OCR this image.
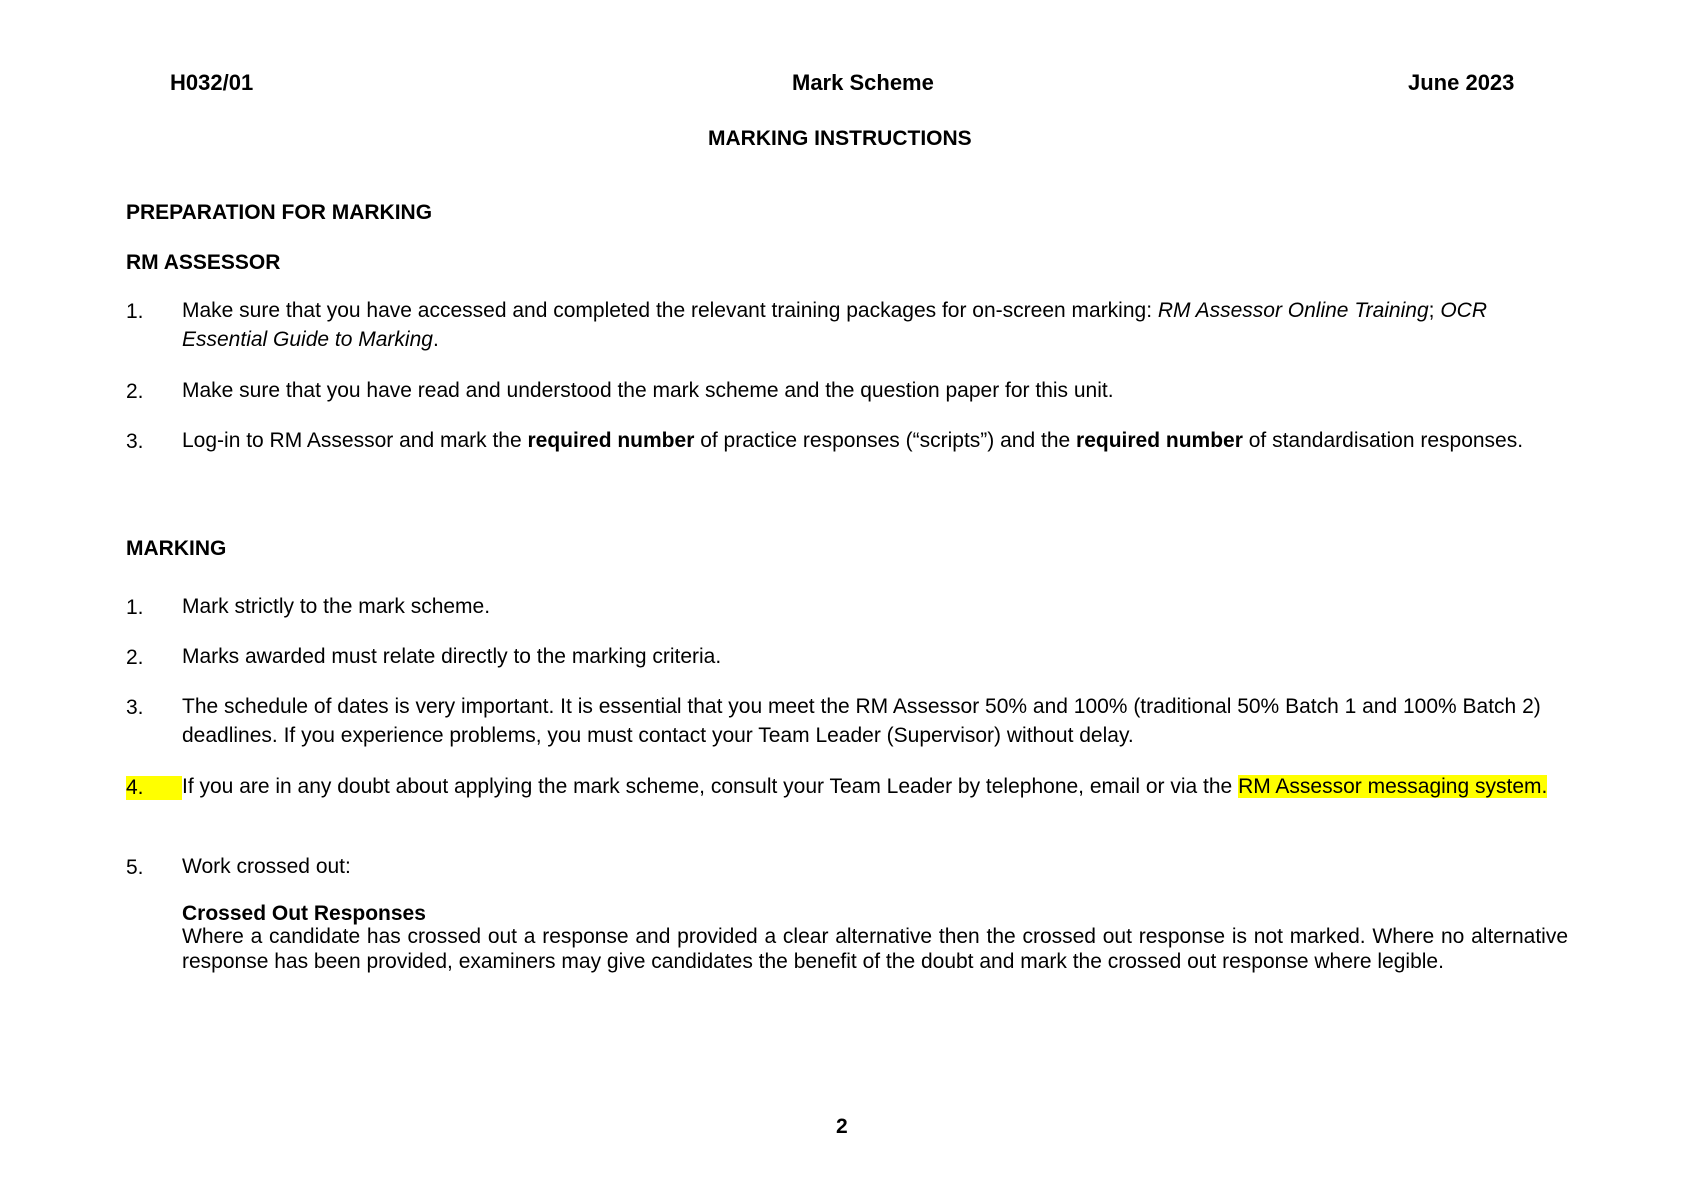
H032/01	Mark Scheme	June 2023
MARKING INSTRUCTIONS
PREPARATION FOR MARKING
RM ASSESSOR
1. Make sure that you have accessed and completed the relevant training packages for on-screen marking: RM Assessor Online Training; OCR Essential Guide to Marking.
2. Make sure that you have read and understood the mark scheme and the question paper for this unit.
3. Log-in to RM Assessor and mark the required number of practice responses (“scripts”) and the required number of standardisation responses.
MARKING
1. Mark strictly to the mark scheme.
2. Marks awarded must relate directly to the marking criteria.
3. The schedule of dates is very important. It is essential that you meet the RM Assessor 50% and 100% (traditional 50% Batch 1 and 100% Batch 2) deadlines. If you experience problems, you must contact your Team Leader (Supervisor) without delay.
4.	If you are in any doubt about applying the mark scheme, consult your Team Leader by telephone, email or via the RM Assessor messaging system.
5. Work crossed out:
Crossed Out Responses
Where a candidate has crossed out a response and provided a clear alternative then the crossed out response is not marked. Where no alternative response has been provided, examiners may give candidates the benefit of the doubt and mark the crossed out response where legible.
2
